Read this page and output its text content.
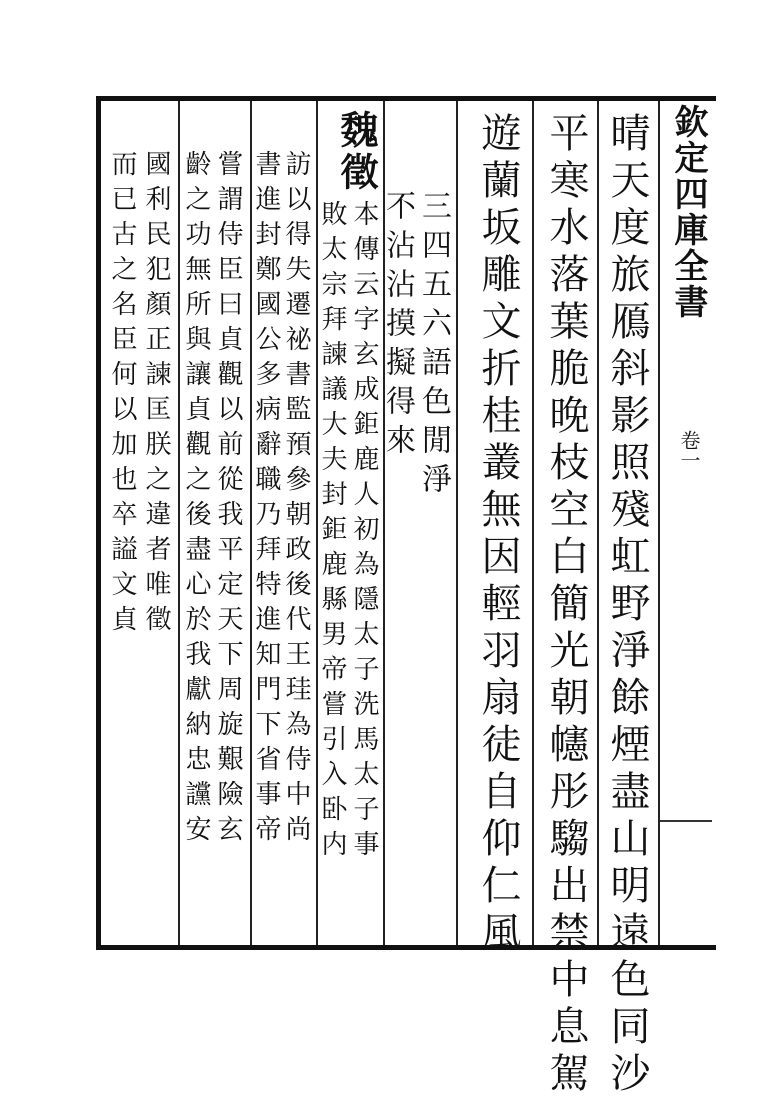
欽定四庫全書
卷一
晴天度旅鴈斜影照殘虹野淨餘煙盡山明遠色同沙
平寒水落葉脆晚枝空白簡光朝幰彤騶出禁中息駕
遊蘭坂雕文折桂叢無因輕羽扇徒自仰仁風
三四五六語色閒淨
不沾沾摸擬得來
魏徵
本傳云字玄成鉅鹿人初為隱太子洗馬太子事
敗太宗拜諫議大夫封鉅鹿縣男帝嘗引入卧内
訪以得失遷祕書監預參朝政後代王珪為侍中尚
書進封鄭國公多病辭職乃拜特進知門下省事帝
嘗謂侍臣曰貞觀以前從我平定天下周旋艱險玄
齡之功無所與讓貞觀之後盡心於我獻納忠讜安
國利民犯顏正諫匡朕之違者唯徵
而已古之名臣何以加也卒謚文貞
